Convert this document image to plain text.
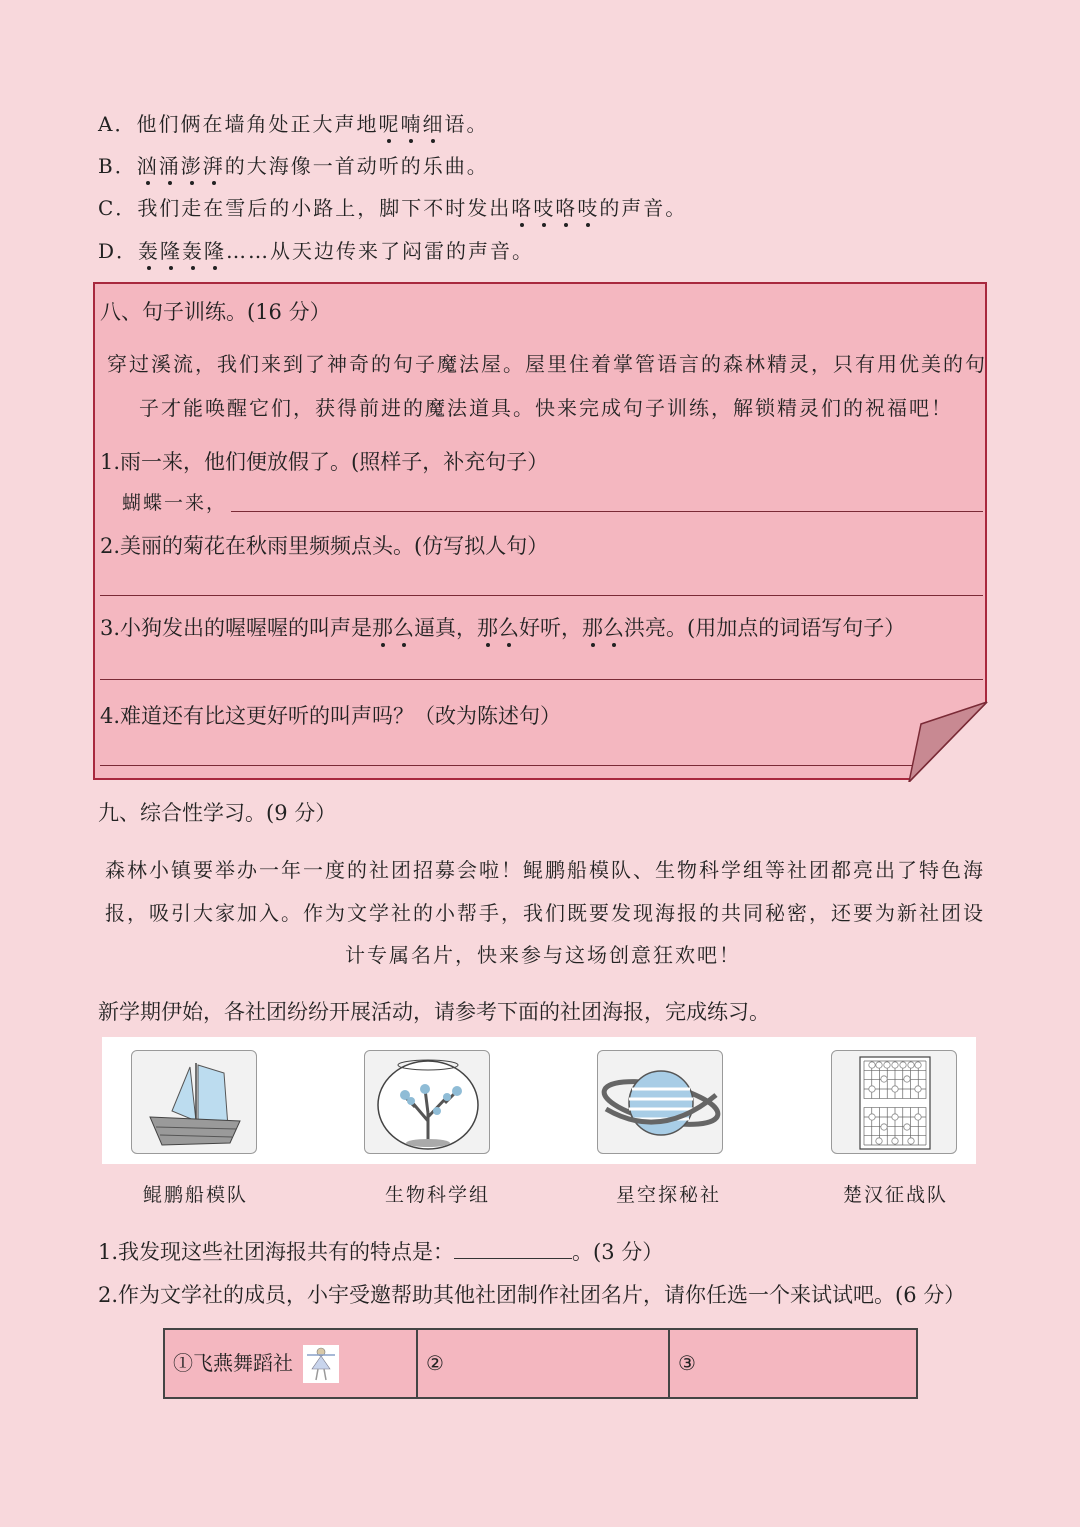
A．他们俩在墙角处正大声地呢喃细语。
B．汹涌澎湃的大海像一首动听的乐曲。
C．我们走在雪后的小路上，脚下不时发出咯吱咯吱的声音。
D．轰隆轰隆……从天边传来了闷雷的声音。
八、句子训练。(16 分）
穿过溪流，我们来到了神奇的句子魔法屋。屋里住着掌管语言的森林精灵，只有用优美的句
子才能唤醒它们，获得前进的魔法道具。快来完成句子训练，解锁精灵们的祝福吧！
1.雨一来，他们便放假了。(照样子，补充句子）
蝴蝶一来，
2.美丽的菊花在秋雨里频频点头。(仿写拟人句）
3.小狗发出的喔喔喔的叫声是那么逼真，那么好听，那么洪亮。(用加点的词语写句子）
4.难道还有比这更好听的叫声吗？（改为陈述句）
九、综合性学习。(9 分）
森林小镇要举办一年一度的社团招募会啦！鲲鹏船模队、生物科学组等社团都亮出了特色海
报，吸引大家加入。作为文学社的小帮手，我们既要发现海报的共同秘密，还要为新社团设
计专属名片，快来参与这场创意狂欢吧！
新学期伊始，各社团纷纷开展活动，请参考下面的社团海报，完成练习。
鲲鹏船模队	生物科学组	星空探秘社	楚汉征战队
1.我发现这些社团海报共有的特点是：	。(3 分）
2.作为文学社的成员，小宇受邀帮助其他社团制作社团名片，请你任选一个来试试吧。(6 分）
①飞燕舞蹈社	②	③
